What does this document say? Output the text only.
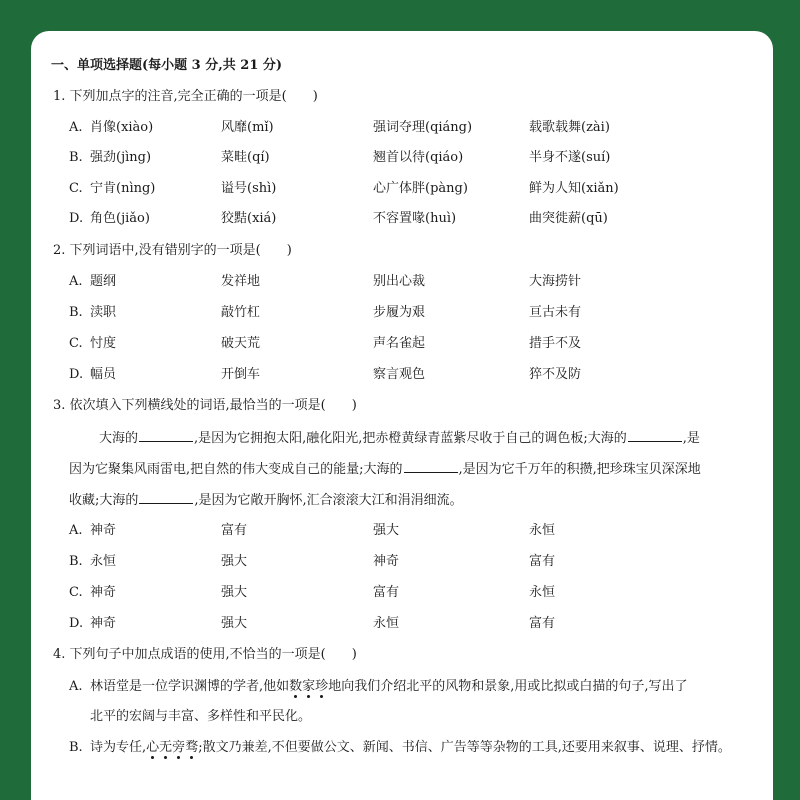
一、单项选择题(每小题 3 分,共 21 分)
1. 下列加点字的注音,完全正确的一项是(　　)
A. 肖像(xiào)	风靡(mǐ)	强词夺理(qiáng)	载歌载舞(zài)
B. 强劲(jìng)	菜畦(qí)	翘首以待(qiáo)	半身不遂(suí)
C. 宁肯(nìng)	谥号(shì)	心广体胖(pàng)	鲜为人知(xiǎn)
D. 角色(jiǎo)	狡黠(xiá)	不容置喙(huì)	曲突徙薪(qū)
2. 下列词语中,没有错别字的一项是(　　)
A. 题纲	发祥地	别出心裁	大海捞针
B. 渎职	敲竹杠	步履为艰	亘古未有
C. 忖度	破天荒	声名雀起	措手不及
D. 幅员	开倒车	察言观色	猝不及防
3. 依次填入下列横线处的词语,最恰当的一项是(　　)
大海的	,是因为它拥抱太阳,融化阳光,把赤橙黄绿青蓝紫尽收于自己的调色板;大海的	,是
因为它聚集风雨雷电,把自然的伟大变成自己的能量;大海的	,是因为它千万年的积攒,把珍珠宝贝深深地
收藏;大海的	,是因为它敞开胸怀,汇合滚滚大江和涓涓细流。
A. 神奇	富有	强大	永恒
B. 永恒	强大	神奇	富有
C. 神奇	强大	富有	永恒
D. 神奇	强大	永恒	富有
4. 下列句子中加点成语的使用,不恰当的一项是(　　)
A. 林语堂是一位学识渊博的学者,他如数家珍地向我们介绍北平的风物和景象,用或比拟或白描的句子,写出了
北平的宏阔与丰富、多样性和平民化。
B. 诗为专任,心无旁骛;散文乃兼差,不但要做公文、新闻、书信、广告等等杂物的工具,还要用来叙事、说理、抒情。
